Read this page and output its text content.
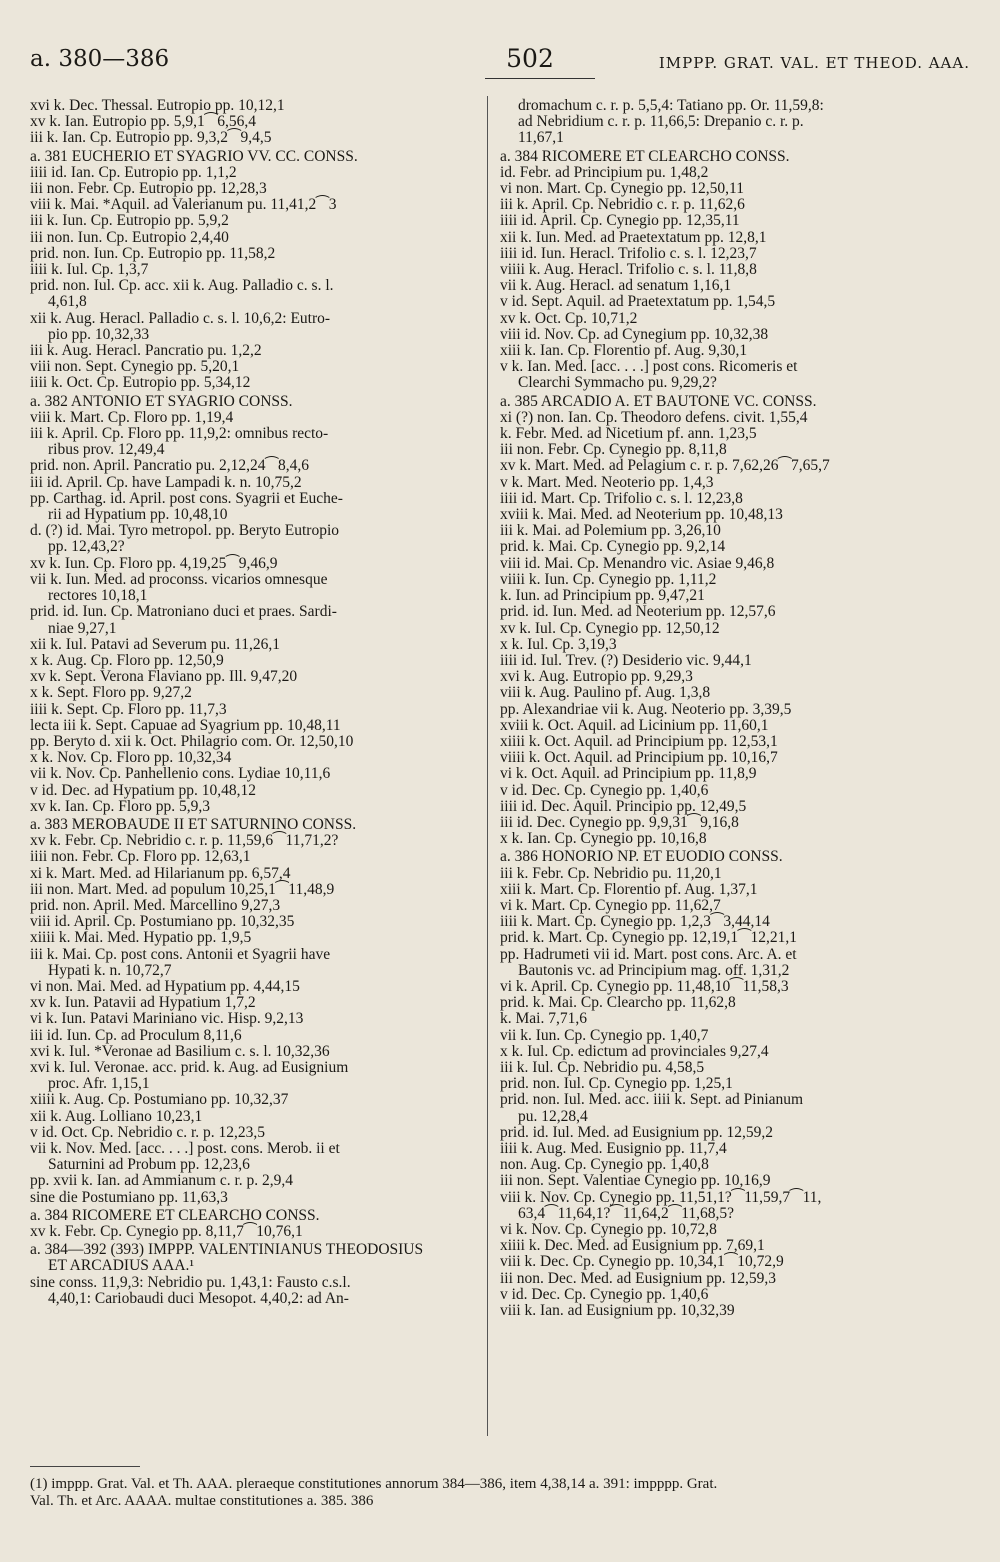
a. 380—386	502	IMPPP. GRAT. VAL. ET THEOD. AAA.
xvi k. Dec. Thessal. Eutropio pp. 10,12,1
xv k. Ian. Eutropio pp. 5,9,1⁀6,56,4
iii k. Ian. Cp. Eutropio pp. 9,3,2⁀9,4,5
a. 381 EUCHERIO ET SYAGRIO VV. CC. CONSS.
iiii id. Ian. Cp. Eutropio pp. 1,1,2
iii non. Febr. Cp. Eutropio pp. 12,28,3
viii k. Mai. *Aquil. ad Valerianum pu. 11,41,2⁀3
iii k. Iun. Cp. Eutropio pp. 5,9,2
iii non. Iun. Cp. Eutropio 2,4,40
prid. non. Iun. Cp. Eutropio pp. 11,58,2
iiii k. Iul. Cp. 1,3,7
prid. non. Iul. Cp. acc. xii k. Aug. Palladio c. s. l.
4,61,8
xii k. Aug. Heracl. Palladio c. s. l. 10,6,2: Eutro-
pio pp. 10,32,33
iii k. Aug. Heracl. Pancratio pu. 1,2,2
viii non. Sept. Cynegio pp. 5,20,1
iiii k. Oct. Cp. Eutropio pp. 5,34,12
a. 382 ANTONIO ET SYAGRIO CONSS.
viii k. Mart. Cp. Floro pp. 1,19,4
iii k. April. Cp. Floro pp. 11,9,2: omnibus recto-
ribus prov. 12,49,4
prid. non. April. Pancratio pu. 2,12,24⁀8,4,6
iii id. April. Cp. have Lampadi k. n. 10,75,2
pp. Carthag. id. April. post cons. Syagrii et Euche-
rii ad Hypatium pp. 10,48,10
d. (?) id. Mai. Tyro metropol. pp. Beryto Eutropio
pp. 12,43,2?
xv k. Iun. Cp. Floro pp. 4,19,25⁀9,46,9
vii k. Iun. Med. ad proconss. vicarios omnesque
rectores 10,18,1
prid. id. Iun. Cp. Matroniano duci et praes. Sardi-
niae 9,27,1
xii k. Iul. Patavi ad Severum pu. 11,26,1
x k. Aug. Cp. Floro pp. 12,50,9
xv k. Sept. Verona Flaviano pp. Ill. 9,47,20
x k. Sept. Floro pp. 9,27,2
iiii k. Sept. Cp. Floro pp. 11,7,3
lecta iii k. Sept. Capuae ad Syagrium pp. 10,48,11
pp. Beryto d. xii k. Oct. Philagrio com. Or. 12,50,10
x k. Nov. Cp. Floro pp. 10,32,34
vii k. Nov. Cp. Panhellenio cons. Lydiae 10,11,6
v id. Dec. ad Hypatium pp. 10,48,12
xv k. Ian. Cp. Floro pp. 5,9,3
a. 383 MEROBAUDE II ET SATURNINO CONSS.
xv k. Febr. Cp. Nebridio c. r. p. 11,59,6⁀11,71,2?
iiii non. Febr. Cp. Floro pp. 12,63,1
xi k. Mart. Med. ad Hilarianum pp. 6,57,4
iii non. Mart. Med. ad populum 10,25,1⁀11,48,9
prid. non. April. Med. Marcellino 9,27,3
viii id. April. Cp. Postumiano pp. 10,32,35
xiiii k. Mai. Med. Hypatio pp. 1,9,5
iii k. Mai. Cp. post cons. Antonii et Syagrii have
Hypati k. n. 10,72,7
vi non. Mai. Med. ad Hypatium pp. 4,44,15
xv k. Iun. Patavii ad Hypatium 1,7,2
vi k. Iun. Patavi Mariniano vic. Hisp. 9,2,13
iii id. Iun. Cp. ad Proculum 8,11,6
xvi k. Iul. *Veronae ad Basilium c. s. l. 10,32,36
xvi k. Iul. Veronae. acc. prid. k. Aug. ad Eusignium
proc. Afr. 1,15,1
xiiii k. Aug. Cp. Postumiano pp. 10,32,37
xii k. Aug. Lolliano 10,23,1
v id. Oct. Cp. Nebridio c. r. p. 12,23,5
vii k. Nov. Med. [acc. . . .] post. cons. Merob. ii et
Saturnini ad Probum pp. 12,23,6
pp. xvii k. Ian. ad Ammianum c. r. p. 2,9,4
sine die Postumiano pp. 11,63,3
a. 384 RICOMERE ET CLEARCHO CONSS.
xv k. Febr. Cp. Cynegio pp. 8,11,7⁀10,76,1
a. 384—392 (393) IMPPP. VALENTINIANUS THEODOSIUS
ET ARCADIUS AAA.¹
sine conss. 11,9,3: Nebridio pu. 1,43,1: Fausto c.s.l.
4,40,1: Cariobaudi duci Mesopot. 4,40,2: ad An-
dromachum c. r. p. 5,5,4: Tatiano pp. Or. 11,59,8:
ad Nebridium c. r. p. 11,66,5: Drepanio c. r. p.
11,67,1
a. 384 RICOMERE ET CLEARCHO CONSS.
id. Febr. ad Principium pu. 1,48,2
vi non. Mart. Cp. Cynegio pp. 12,50,11
iii k. April. Cp. Nebridio c. r. p. 11,62,6
iiii id. April. Cp. Cynegio pp. 12,35,11
xii k. Iun. Med. ad Praetextatum pp. 12,8,1
iiii id. Iun. Heracl. Trifolio c. s. l. 12,23,7
viiii k. Aug. Heracl. Trifolio c. s. l. 11,8,8
vii k. Aug. Heracl. ad senatum 1,16,1
v id. Sept. Aquil. ad Praetextatum pp. 1,54,5
xv k. Oct. Cp. 10,71,2
viii id. Nov. Cp. ad Cynegium pp. 10,32,38
xiii k. Ian. Cp. Florentio pf. Aug. 9,30,1
v k. Ian. Med. [acc. . . .] post cons. Ricomeris et
Clearchi Symmacho pu. 9,29,2?
a. 385 ARCADIO A. ET BAUTONE VC. CONSS.
xi (?) non. Ian. Cp. Theodoro defens. civit. 1,55,4
k. Febr. Med. ad Nicetium pf. ann. 1,23,5
iii non. Febr. Cp. Cynegio pp. 8,11,8
xv k. Mart. Med. ad Pelagium c. r. p. 7,62,26⁀7,65,7
v k. Mart. Med. Neoterio pp. 1,4,3
iiii id. Mart. Cp. Trifolio c. s. l. 12,23,8
xviii k. Mai. Med. ad Neoterium pp. 10,48,13
iii k. Mai. ad Polemium pp. 3,26,10
prid. k. Mai. Cp. Cynegio pp. 9,2,14
viii id. Mai. Cp. Menandro vic. Asiae 9,46,8
viiii k. Iun. Cp. Cynegio pp. 1,11,2
k. Iun. ad Principium pp. 9,47,21
prid. id. Iun. Med. ad Neoterium pp. 12,57,6
xv k. Iul. Cp. Cynegio pp. 12,50,12
x k. Iul. Cp. 3,19,3
iiii id. Iul. Trev. (?) Desiderio vic. 9,44,1
xvi k. Aug. Eutropio pp. 9,29,3
viii k. Aug. Paulino pf. Aug. 1,3,8
pp. Alexandriae vii k. Aug. Neoterio pp. 3,39,5
xviii k. Oct. Aquil. ad Licinium pp. 11,60,1
xiiii k. Oct. Aquil. ad Principium pp. 12,53,1
viiii k. Oct. Aquil. ad Principium pp. 10,16,7
vi k. Oct. Aquil. ad Principium pp. 11,8,9
v id. Dec. Cp. Cynegio pp. 1,40,6
iiii id. Dec. Aquil. Principio pp. 12,49,5
iii id. Dec. Cynegio pp. 9,9,31⁀9,16,8
x k. Ian. Cp. Cynegio pp. 10,16,8
a. 386 HONORIO NP. ET EUODIO CONSS.
iii k. Febr. Cp. Nebridio pu. 11,20,1
xiii k. Mart. Cp. Florentio pf. Aug. 1,37,1
vi k. Mart. Cp. Cynegio pp. 11,62,7
iiii k. Mart. Cp. Cynegio pp. 1,2,3⁀3,44,14
prid. k. Mart. Cp. Cynegio pp. 12,19,1⁀12,21,1
pp. Hadrumeti vii id. Mart. post cons. Arc. A. et
Bautonis vc. ad Principium mag. off. 1,31,2
vi k. April. Cp. Cynegio pp. 11,48,10⁀11,58,3
prid. k. Mai. Cp. Clearcho pp. 11,62,8
k. Mai. 7,71,6
vii k. Iun. Cp. Cynegio pp. 1,40,7
x k. Iul. Cp. edictum ad provinciales 9,27,4
iii k. Iul. Cp. Nebridio pu. 4,58,5
prid. non. Iul. Cp. Cynegio pp. 1,25,1
prid. non. Iul. Med. acc. iiii k. Sept. ad Pinianum
pu. 12,28,4
prid. id. Iul. Med. ad Eusignium pp. 12,59,2
iiii k. Aug. Med. Eusignio pp. 11,7,4
non. Aug. Cp. Cynegio pp. 1,40,8
iii non. Sept. Valentiae Cynegio pp. 10,16,9
viii k. Nov. Cp. Cynegio pp. 11,51,1?⁀11,59,7⁀11,
63,4⁀11,64,1?⁀11,64,2⁀11,68,5?
vi k. Nov. Cp. Cynegio pp. 10,72,8
xiiii k. Dec. Med. ad Eusignium pp. 7,69,1
viii k. Dec. Cp. Cynegio pp. 10,34,1⁀10,72,9
iii non. Dec. Med. ad Eusignium pp. 12,59,3
v id. Dec. Cp. Cynegio pp. 1,40,6
viii k. Ian. ad Eusignium pp. 10,32,39
(1) imppp. Grat. Val. et Th. AAA. pleraeque constitutiones annorum 384—386, item 4,38,14 a. 391: impppp. Grat.
Val. Th. et Arc. AAAA. multae constitutiones a. 385. 386
